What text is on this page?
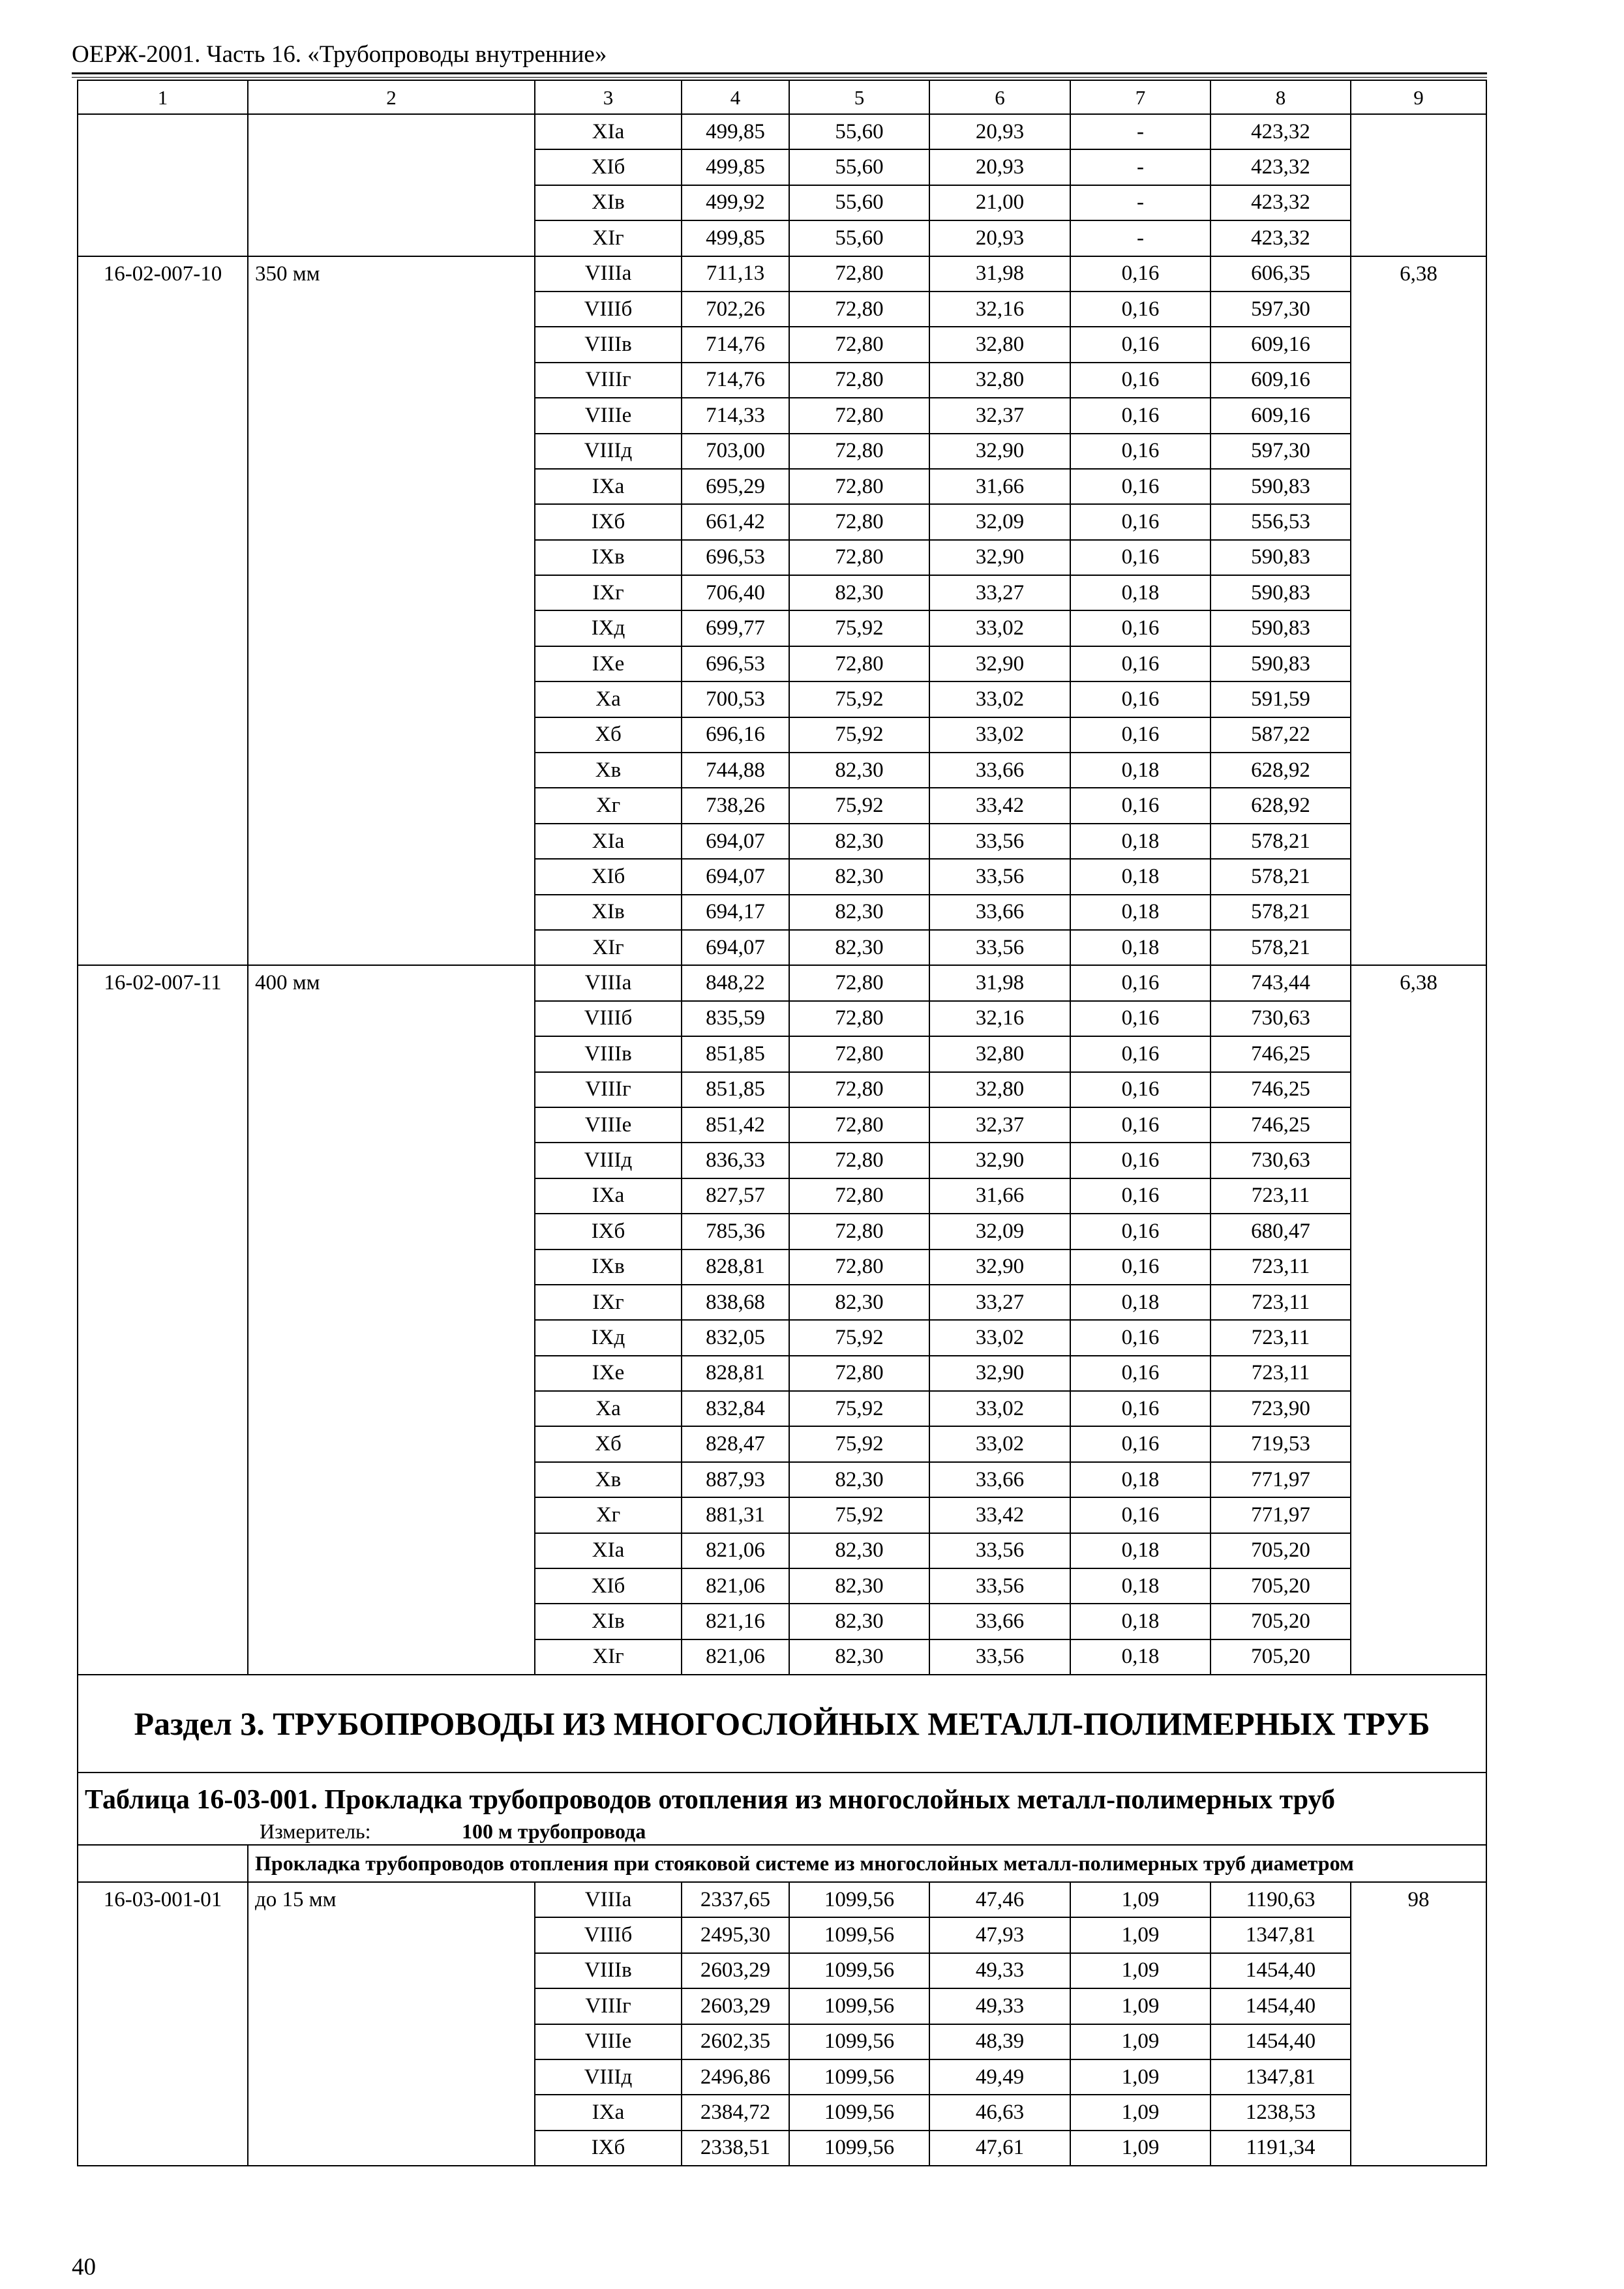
ОЕРЖ-2001. Часть 16. «Трубопроводы внутренние»
1	2	3	4	5	6	7	8	9
		XIa	499,85	55,60	20,93	-	423,32	
		XIб	499,85	55,60	20,93	-	423,32	
		XIв	499,92	55,60	21,00	-	423,32	
		XIг	499,85	55,60	20,93	-	423,32	
16-02-007-10	350 мм	VIIIa	711,13	72,80	31,98	0,16	606,35	6,38
		VIIIб	702,26	72,80	32,16	0,16	597,30	
		VIIIв	714,76	72,80	32,80	0,16	609,16	
		VIIIг	714,76	72,80	32,80	0,16	609,16	
		VIIIe	714,33	72,80	32,37	0,16	609,16	
		VIIIд	703,00	72,80	32,90	0,16	597,30	
		IXa	695,29	72,80	31,66	0,16	590,83	
		IXб	661,42	72,80	32,09	0,16	556,53	
		IXв	696,53	72,80	32,90	0,16	590,83	
		IXг	706,40	82,30	33,27	0,18	590,83	
		IXд	699,77	75,92	33,02	0,16	590,83	
		IXe	696,53	72,80	32,90	0,16	590,83	
		Xa	700,53	75,92	33,02	0,16	591,59	
		Xб	696,16	75,92	33,02	0,16	587,22	
		Xв	744,88	82,30	33,66	0,18	628,92	
		Xг	738,26	75,92	33,42	0,16	628,92	
		XIa	694,07	82,30	33,56	0,18	578,21	
		XIб	694,07	82,30	33,56	0,18	578,21	
		XIв	694,17	82,30	33,66	0,18	578,21	
		XIг	694,07	82,30	33,56	0,18	578,21	
16-02-007-11	400 мм	VIIIa	848,22	72,80	31,98	0,16	743,44	6,38
		VIIIб	835,59	72,80	32,16	0,16	730,63	
		VIIIв	851,85	72,80	32,80	0,16	746,25	
		VIIIг	851,85	72,80	32,80	0,16	746,25	
		VIIIe	851,42	72,80	32,37	0,16	746,25	
		VIIIд	836,33	72,80	32,90	0,16	730,63	
		IXa	827,57	72,80	31,66	0,16	723,11	
		IXб	785,36	72,80	32,09	0,16	680,47	
		IXв	828,81	72,80	32,90	0,16	723,11	
		IXг	838,68	82,30	33,27	0,18	723,11	
		IXд	832,05	75,92	33,02	0,16	723,11	
		IXe	828,81	72,80	32,90	0,16	723,11	
		Xa	832,84	75,92	33,02	0,16	723,90	
		Xб	828,47	75,92	33,02	0,16	719,53	
		Xв	887,93	82,30	33,66	0,18	771,97	
		Xг	881,31	75,92	33,42	0,16	771,97	
		XIa	821,06	82,30	33,56	0,18	705,20	
		XIб	821,06	82,30	33,56	0,18	705,20	
		XIв	821,16	82,30	33,66	0,18	705,20	
		XIг	821,06	82,30	33,56	0,18	705,20	
Раздел 3. ТРУБОПРОВОДЫ ИЗ МНОГОСЛОЙНЫХ МЕТАЛЛ-ПОЛИМЕРНЫХ ТРУБ								

Таблица 16-03-001. Прокладка трубопроводов отопления из многослойных металл-полимерных труб
Измеритель: 100 м трубопровода								

	Прокладка трубопроводов отопления при стояковой системе из многослойных металл-полимерных труб диаметром							
16-03-001-01	до 15 мм	VIIIa	2337,65	1099,56	47,46	1,09	1190,63	98
		VIIIб	2495,30	1099,56	47,93	1,09	1347,81	
		VIIIв	2603,29	1099,56	49,33	1,09	1454,40	
		VIIIг	2603,29	1099,56	49,33	1,09	1454,40	
		VIIIe	2602,35	1099,56	48,39	1,09	1454,40	
		VIIIд	2496,86	1099,56	49,49	1,09	1347,81	
		IXa	2384,72	1099,56	46,63	1,09	1238,53	
		IXб	2338,51	1099,56	47,61	1,09	1191,34	
40
